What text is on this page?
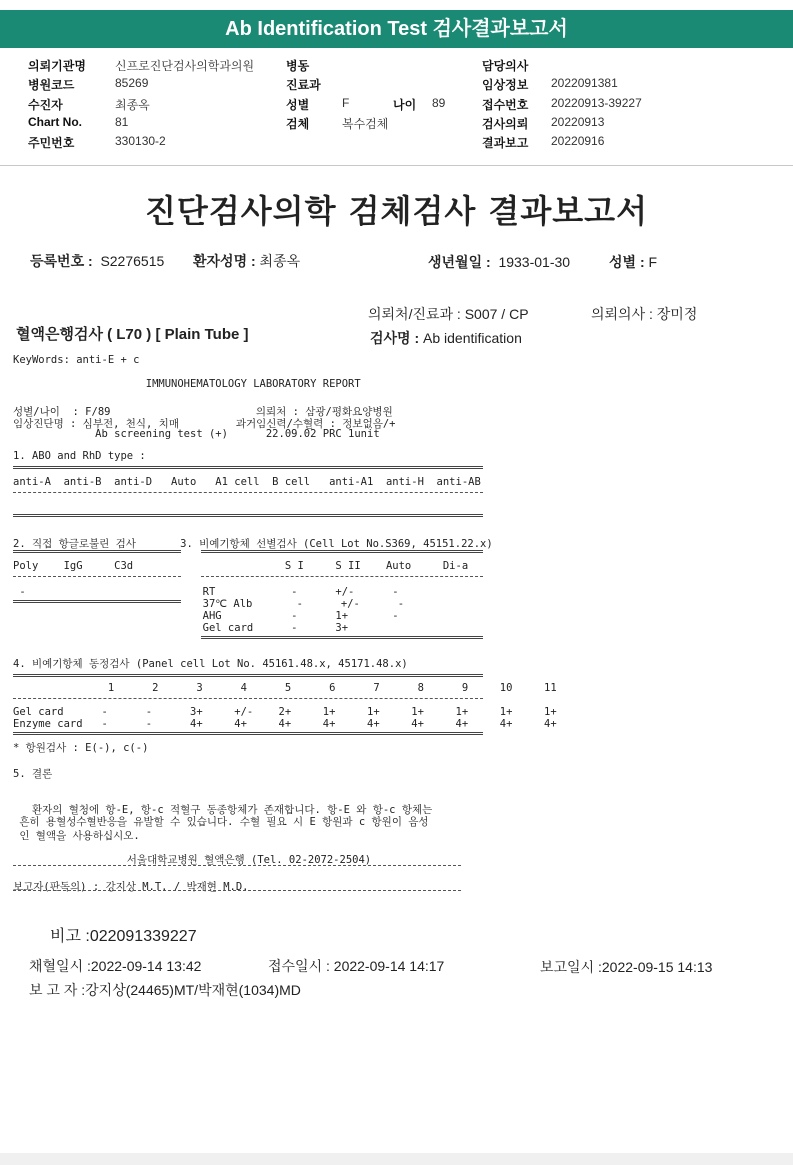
Ab Identification Test 검사결과보고서
의뢰기관명 신프로진단검사의학과의원	병동	담당의사
병원코드	85269	진료과	임상정보 2022091381
수진자	최종옥	성별	F	나이 89	접수번호 20220913-39227
Chart No.	81	검체	복수검체	검사의뢰 20220913
주민번호	330130-2	결과보고 20220916
진단검사의학 검체검사 결과보고서
등록번호 : S2276515 환자성명 : 최종옥	생년월일 : 1933-01-30	성별 : F
의뢰처/진료과 : S007 / CP	의뢰의사 : 장미정
혈액은행검사 ( L70 ) [ Plain Tube ]	검사명 : Ab identification
KeyWords: anti-E + c
IMMUNOHEMATOLOGY LABORATORY REPORT
성별/나이  : F/89                       의뢰처 : 삼광/평화요양병원
임상진단명 : 심부전, 천식, 치매         과거임신력/수혈력 : 정보없음/+
Ab screening test (+)      22.09.02 PRC 1unit
1. ABO and RhD type :
anti-A  anti-B  anti-D   Auto   A1 cell  B cell   anti-A1  anti-H  anti-AB
2. 직접 항글로불린 검사       3. 비예기항체 선별검사 (Cell Lot No.S369, 45151.22.x)
Poly    IgG     C3d                        S I     S II    Auto     Di-a
-                            RT            -      +/-      -
37℃ Alb       -      +/-      -
AHG           -      1+       -
Gel card      -      3+
4. 비예기항체 동정검사 (Panel cell Lot No. 45161.48.x, 45171.48.x)
1      2      3      4      5      6      7      8      9     10     11
Gel card      -      -      3+     +/-    2+     1+     1+     1+     1+     1+     1+
Enzyme card   -      -      4+     4+     4+     4+     4+     4+     4+     4+     4+
* 항원검사 : E(-), c(-)
5. 결론
환자의 혈청에 항-E, 항-c 적혈구 동종항체가 존재합니다. 항-E 와 항-c 항체는
흔히 용혈성수혈반응을 유발할 수 있습니다. 수혈 필요 시 E 항원과 c 항원이 음성
인 혈액을 사용하십시오.
서울대학교병원 혈액은행 (Tel. 02-2072-2504)
보고자(판독의) : 강지상 M.T. / 박재현 M.D.
비고 :022091339227
채혈일시 :2022-09-14 13:42	접수일시 : 2022-09-14 14:17	보고일시 :2022-09-15 14:13
보 고 자 :강지상(24465)MT/박재현(1034)MD
